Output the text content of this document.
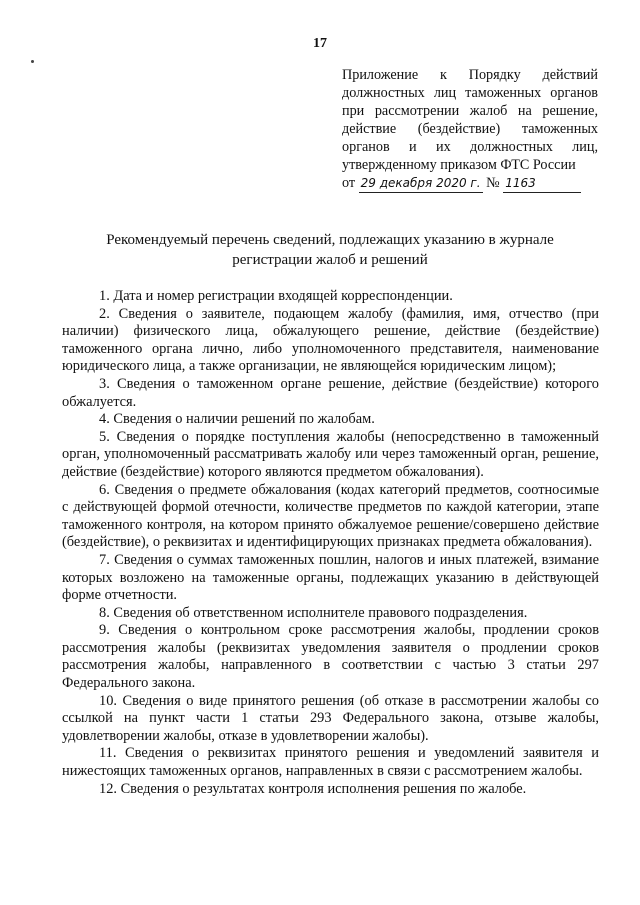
17
Приложение к Порядку действий
должностных лиц таможенных органов
при рассмотрении жалоб на решение,
действие (бездействие) таможенных
органов и их должностных лиц,
утвержденному приказом ФТС России
от 29 декабря 2020 г. № 1163
Рекомендуемый перечень сведений, подлежащих указанию в журнале
регистрации жалоб и решений

1. Дата и номер регистрации входящей корреспонденции.

2. Сведения о заявителе, подающем жалобу (фамилия, имя, отчество (при наличии) физического лица, обжалующего решение, действие (бездействие) таможенного органа лично, либо уполномоченного представителя, наименование юридического лица, а также организации, не являющейся юридическим лицом);

3. Сведения о таможенном органе решение, действие (бездействие) которого обжалуется.

4. Сведения о наличии решений по жалобам.

5. Сведения о порядке поступления жалобы (непосредственно в таможенный орган, уполномоченный рассматривать жалобу или через таможенный орган, решение, действие (бездействие) которого являются предметом обжалования).

6. Сведения о предмете обжалования (кодах категорий предметов, соотносимые с действующей формой отечности, количестве предметов по каждой категории, этапе таможенного контроля, на котором принято обжалуемое решение/совершено действие (бездействие), о реквизитах и идентифицирующих признаках предмета обжалования).

7. Сведения о суммах таможенных пошлин, налогов и иных платежей, взимание которых возложено на таможенные органы, подлежащих указанию в действующей форме отчетности.

8. Сведения об ответственном исполнителе правового подразделения.

9. Сведения о контрольном сроке рассмотрения жалобы, продлении сроков рассмотрения жалобы (реквизитах уведомления заявителя о продлении сроков рассмотрения жалобы, направленного в соответствии с частью 3 статьи 297 Федерального закона.

10. Сведения о виде принятого решения (об отказе в рассмотрении жалобы со ссылкой на пункт части 1 статьи 293 Федерального закона, отзыве жалобы, удовлетворении жалобы, отказе в удовлетворении жалобы).

11. Сведения о реквизитах принятого решения и уведомлений заявителя и нижестоящих таможенных органов, направленных в связи с рассмотрением жалобы.

12. Сведения о результатах контроля исполнения решения по жалобе.
